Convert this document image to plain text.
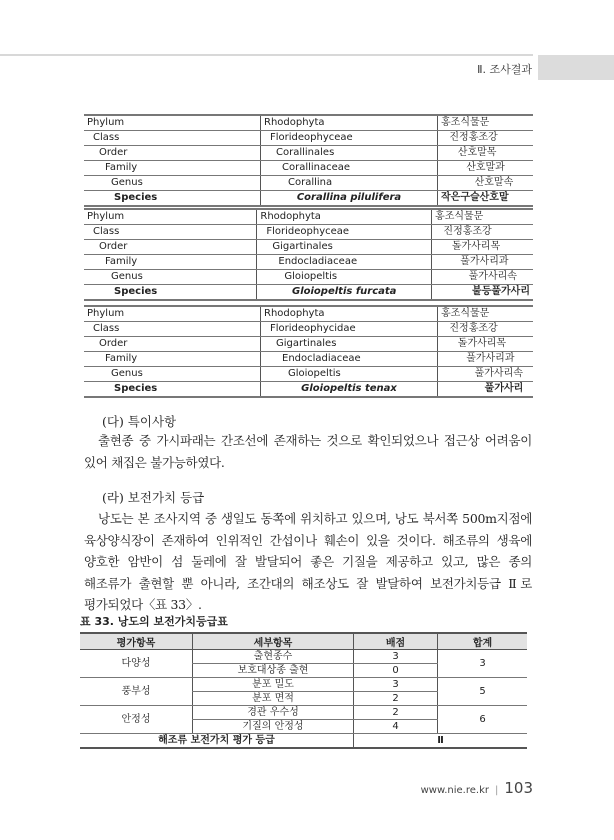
Ⅱ. 조사결과
Phylum	Rhodophyta	홍조식물문
Class	Florideophyceae	진정홍조강
Order	Corallinales	산호말목
Family	Corallinaceae	산호말과
Genus	Corallina	산호말속
Species	Corallina pilulifera	작은구슬산호말
Phylum	Rhodophyta	홍조식물문
Class	Florideophyceae	진정홍조강
Order	Gigartinales	돌가사리목
Family	Endocladiaceae	풀가사리과
Genus	Gloiopeltis	풀가사리속
Species	Gloiopeltis furcata	불등풀가사리
Phylum	Rhodophyta	홍조식물문
Class	Florideophycidae	진정홍조강
Order	Gigartinales	돌가사리목
Family	Endocladiaceae	풀가사리과
Genus	Gloiopeltis	풀가사리속
Species	Gloiopeltis tenax	풀가사리
(다) 특이사항
출현종 중 가시파래는 간조선에 존재하는 것으로 확인되었으나 접근상 어려움이
있어 채집은 불가능하였다.
(라) 보전가치 등급
낭도는 본 조사지역 중 생일도 동쪽에 위치하고 있으며, 낭도 북서쪽 500m지점에
육상양식장이 존재하여 인위적인 간섭이나 훼손이 있을 것이다. 해조류의 생육에
양호한 암반이 섬 둘레에 잘 발달되어 좋은 기질을 제공하고 있고, 많은 종의
해조류가 출현할 뿐 아니라, 조간대의 해조상도 잘 발달하여 보전가치등급 Ⅱ로
평가되었다〈표 33〉.
표 33. 낭도의 보전가치등급표
평가항목	세부항목	배점	합계
다양성	출현종수	3	3
	보호대상종 출현	0	
풍부성	분포 밀도	3	5
	분포 면적	2	
안정성	경관 우수성	2	6
	기질의 안정성	4	
해조류 보전가치 평가 등급		Ⅱ	
www.nie.re.kr | 103
